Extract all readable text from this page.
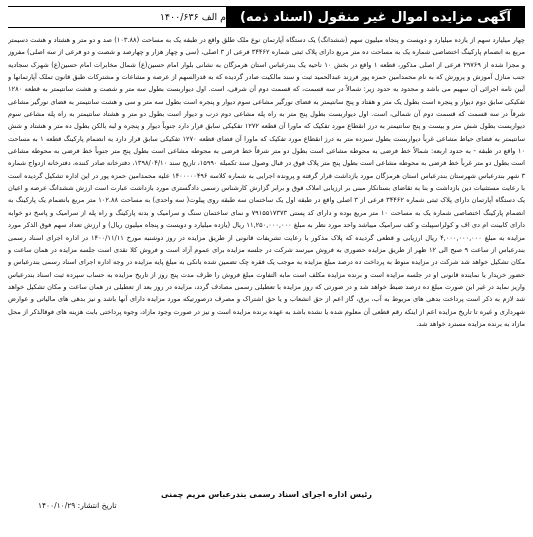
آگهی مزایده اموال غیر منقول (اسناد ذمه)
م الف ۱۴۰۰/۶۳۶
چهار میلیارد سهم از یازده میلیارد و دویست و پنجاه میلیون سهم (ششدانگ) یک دستگاه آپارتمان نوع ملک طلق واقع در طبقه یک به مساحت (۱۰۳.۸۸) صد و دو متر و هشتاد و هشت دسیمتر مربع به انضمام پارکینگ اختصاصی شماره یک به مساحت ده متر مربع دارای پلاک ثبتی شماره ۳۴۴۶۲ فرعی از ۳ اصلی، (سی و چهار هزار و چهارصد و شصت و دو فرعی از سه اصلی) مفروز و مجزا شده از ۲۹۷۶۹ فرعی از اصلی مذکور، قطعه ۱ واقع در بخش ۱۰ ناحیه یک بندرعباس استان هرمزگان به نشانی بلوار امام حسین(ع) شمال مخابرات امام حسین(ع) شهرک سجادیه جنب منازل آموزش و پرورش که به نام محمدامین حمزه پور فرزند عبدالحمید ثبت و سند مالکیت صادر گردیده که به قدرالسهم از عرصه و مشاعات و مشترکات طبق قانون تملک آپارتمانها و آیین نامه اجرائی آن سهیم می باشد و محدود به حدود زیر: شمالاً در سه قسمت، که قسمت دوم آن شرقی، است. اول دیواربست بطول سه متر و شصت و هشت سانتیمتر به قطعه ۱۲۸۰ تفکیکی سابق دوم دیوار و پنجره است بطول یک متر و هفتاد و پنج سانتیمتر به فضای نورگیر مشاعی سوم دیوار و پنجره است بطول سه متر و سی و هشت سانتیمتر به فضای نورگیر مشاعی شرقاً در سه قسمت که قسمت دوم آن شمالی، است. اول دیواربست بطول پنج متر به راه پله مشاعی دوم درب و دیوار است بطول دو متر و هشتاد سانتیمتر به راه پله مشاعی سوم دیواربست بطول شش متر و بیست و پنج سانتیمتر به درز انقطاع مورد تفکیک که ماورا آن قطعه ۱۲۷۲ تفکیکی سابق قرار دارد جنوباً دیوار و پنجره و لبه بالکن بطول ده متر و هشتاد و شش سانتیمتر به فضای حیاط مشاعی غرباً دیواربست بطول سیزده متر به درز انقطاع مورد تفکیک که ماورا آن فضای قطعه ۱۲۷۰ تفکیکی سابق قرار دارد به انضمام پارکینگ قطعه ۱ به مساحت ۱۰ واقع در طبقه - به حدود اربعه: شمالاً خط فرضی به محوطه مشاعی است بطول دو متر شرقاً خط فرضی به محوطه مشاعی است بطول پنج متر جنوباً خط فرضی به محوطه مشاعی است بطول دو متر غرباً خط فرضی به محوطه مشاعی است بطول پنج متر پلاک فوق در قبال وصول سند تکمیله ۱۵۹۹۰، تاریخ سند ۱۳۹۸/۰۴/۱۰، دفترخانه صادر کننده، دفترخانه ازدواج شماره ۳ شهر بندرعباس شهرستان بندرعباس استان هرمزگان مورد بازداشت قرار گرفته و پرونده اجرایی به شماره کلاسه ۱۴۰۰۰۰۰۴۹۶ علیه محمدامین حمزه پور در این اداره تشکیل گردیده است با رعایت مستثنیات دین بازداشت و بنا به تقاضای بستانکار مبنی بر ارزیابی املاک فوق و برابر گزارش کارشناس رسمی دادگستری مورد بازداشت عبارت است ارزش ششدانگ عرصه و اعیان یک دستگاه آپارتمان دارای پلاک ثبتی شماره ۳۴۴۶۲ فرعی از ۳ اصلی واقع در طبقه اول یک ساختمان سه طبقه روی پیلوت( سه واحدی) به مساحت ۱۰۲.۸۸ متر مربع بانضمام یک پارکینگ به انضمام پارکینگ اختصاصی شماره یک به مساحت ۱۰ متر مربع بوده و دارای کد پستی ۷۹۱۵۵۱۷۳۷۳ و نمای ساختمان سنگ و سرامیک و بدنه پارکینگ و راه پله از سرامیک و پاسخ دو خوابه دارای کابینت ام دی اف و کولراسپیلت و کف سرامیک میباشد واحد مورد نظر به مبلغ ۱۱,۲۵۰,۰۰۰,۰۰۰ ریال (یازده میلیارد و دویست و پنجاه میلیون ریال) و ارزش تعداد سهم فوق الذکر مورد مزایده به مبلغ ۴,۰۰۰,۰۰۰,۰۰۰ ریال ارزیابی و قطعی گردیده که پلاک مذکور با رعایت تشریفات قانونی از طریق مزایده در روز دوشنبه مورخ ۱۴۰۰/۱۱/۱۱ در اداره اجرای اسناد رسمی بندرعباس از ساعت ۹ صبح الی ۱۲ ظهر از طریق مزایده حضوری به فروش میرسد شرکت در جلسه مزایده برای عموم آزاد است و فروش کلا نقدی است جلسه مزایده در همان ساعت و مکان تشکیل خواهد شد شرکت در مزایده منوط به پرداخت ده درصد مبلغ مزایده به موجب یک فقره چک تضمین شده بانکی به مبلغ پایه مزایده در وجه اداره اجرای اسناد رسمی بندرعباس و حضور خریدار یا نماینده قانونی او در جلسه مزایده است و برنده مزایده مکلف است مابه التفاوت مبلغ فروش را ظرف مدت پنج روز از تاریخ مزایده به حساب سپرده ثبت اسناد بندرعباس واریز نماید در غیر این صورت مبلغ ده درصد ضبط خواهد شد و در صورتی که روز مزایده با تعطیلی رسمی مصادف گردد، مزایده در روز بعد از تعطیلی در همان ساعت و مکان تشکیل خواهد شد لازم به ذکر است پرداخت بدهی های مربوط به آب، برق، گاز اعم از حق انشعاب و یا حق اشتراک و مصرف درصورتیکه مورد مزایده دارای آنها باشد و نیز بدهی های مالیاتی و عوارض شهرداری و غیره تا تاریخ مزایده اعم از اینکه رقم قطعی آن معلوم شده یا نشده باشد به عهده برنده مزایده است و نیز در صورت وجود مازاد، وجوه پرداختی بابت هزینه های فوقالذکر از محل مازاد به برنده مزایده مسترد خواهد شد.
رئیس اداره اجرای اسناد رسمی بندرعباس مریم چمنی
تاریخ انتشار: ۱۴۰۰/۱۰/۲۹
